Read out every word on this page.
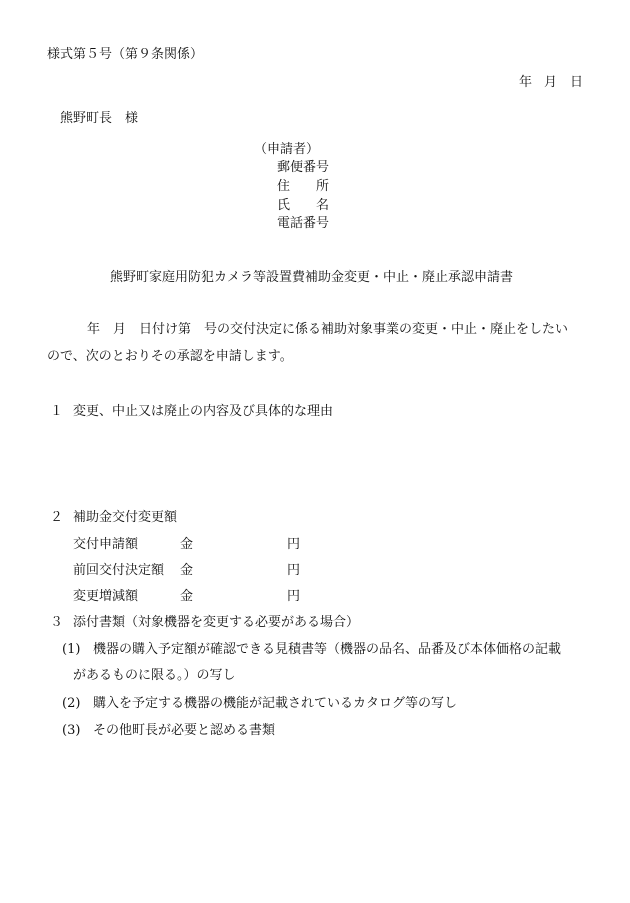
様式第５号（第９条関係）
年 月 日
熊野町長　様
（申請者）
郵便番号
住　　所
氏　　名
電話番号
熊野町家庭用防犯カメラ等設置費補助金変更・中止・廃止承認申請書
年　月　日付け第　号の交付決定に係る補助対象事業の変更・中止・廃止をしたい
ので、次のとおりその承認を申請します。
１ 変更、中止又は廃止の内容及び具体的な理由
２ 補助金交付変更額
交付申請額	金	円
前回交付決定額 金	円
変更増減額	金	円
３ 添付書類（対象機器を変更する必要がある場合）
(1) 機器の購入予定額が確認できる見積書等（機器の品名、品番及び本体価格の記載
があるものに限る。）の写し
(2) 購入を予定する機器の機能が記載されているカタログ等の写し
(3) その他町長が必要と認める書類
